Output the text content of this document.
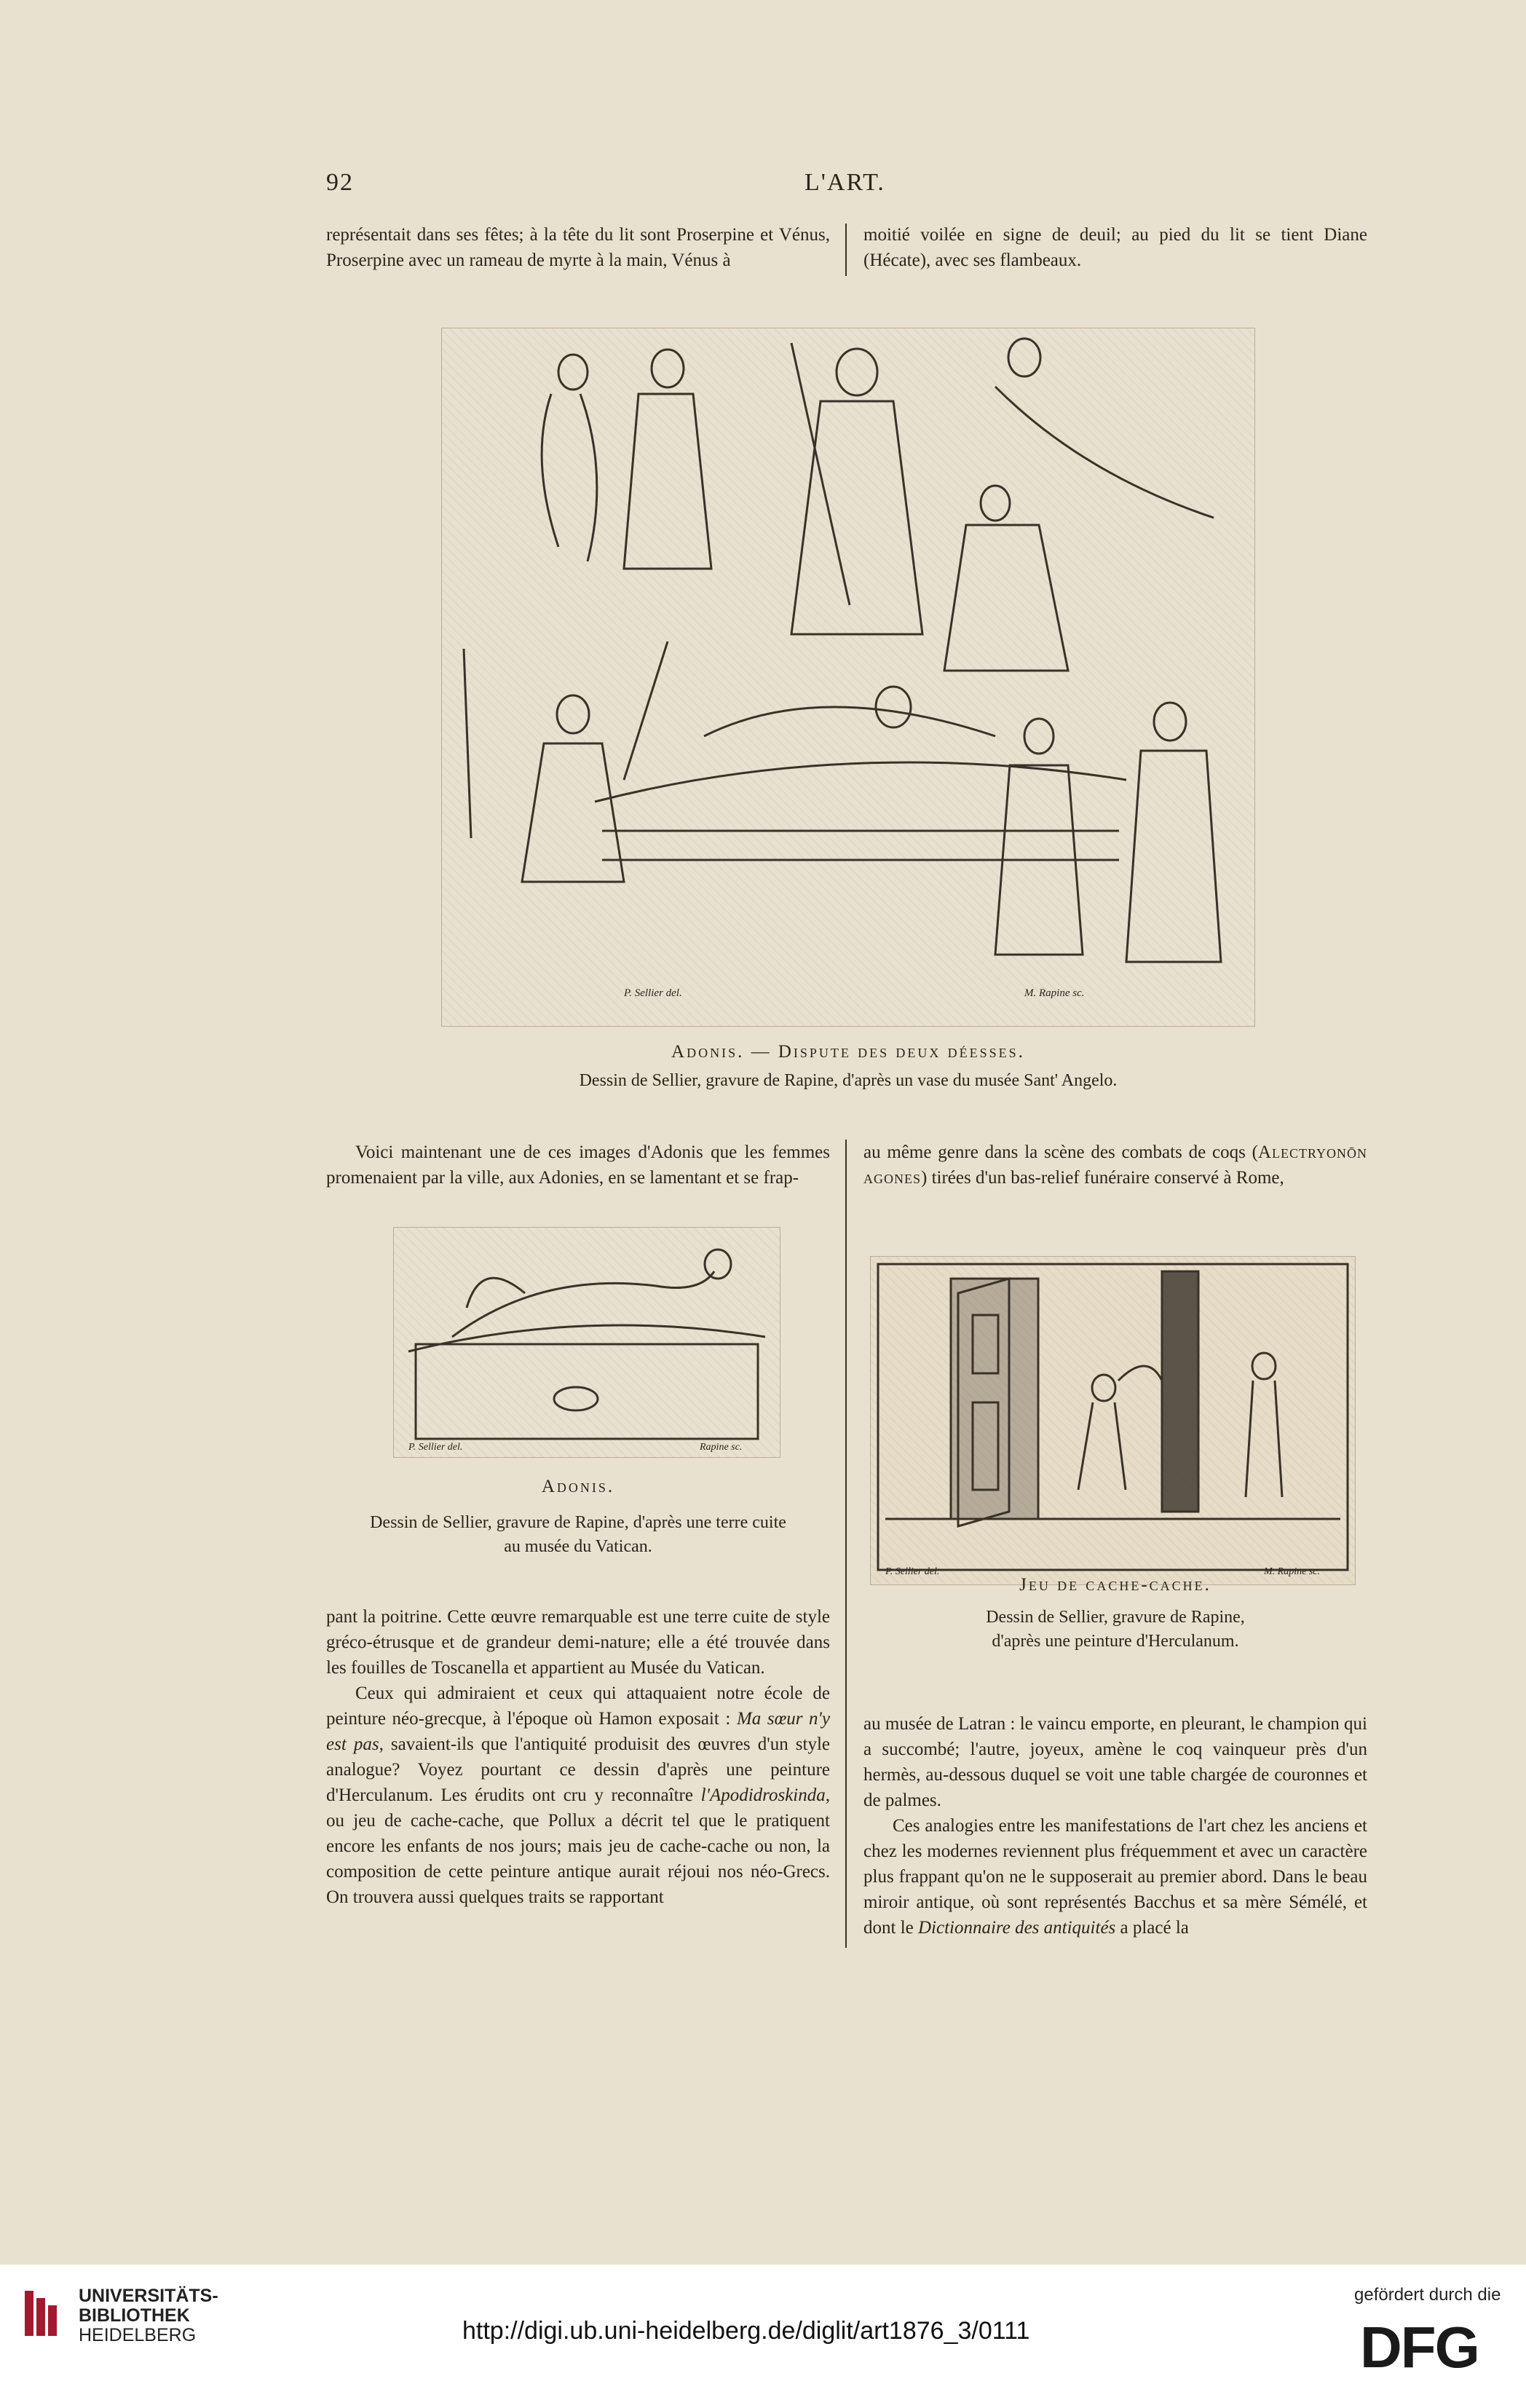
92	L'ART.

représentait dans ses fêtes; à la tête du lit sont Proserpine et Vénus, Proserpine avec un rameau de myrte à la main, Vénus à

moitié voilée en signe de deuil; au pied du lit se tient Diane (Hécate), avec ses flambeaux.

P. Sellier del.	M. Rapine sc.
Adonis. — Dispute des deux déesses.
Dessin de Sellier, gravure de Rapine, d'après un vase du musée Sant' Angelo.

Voici maintenant une de ces images d'Adonis que les femmes promenaient par la ville, aux Adonies, en se lamentant et se frap-

au même genre dans la scène des combats de coqs (Alectryonōn agones) tirées d'un bas-relief funéraire conservé à Rome,

P. Sellier del.	Rapine sc.
Adonis.
Dessin de Sellier, gravure de Rapine, d'après une terre cuite
au musée du Vatican.
P. Sellier del.	M. Rapine sc.
Jeu de cache-cache.
Dessin de Sellier, gravure de Rapine,
d'après une peinture d'Herculanum.

pant la poitrine. Cette œuvre remarquable est une terre cuite de style gréco-étrusque et de grandeur demi-nature; elle a été trouvée dans les fouilles de Toscanella et appartient au Musée du Vatican.

Ceux qui admiraient et ceux qui attaquaient notre école de peinture néo-grecque, à l'époque où Hamon exposait : Ma sœur n'y est pas, savaient-ils que l'antiquité produisit des œuvres d'un style analogue? Voyez pourtant ce dessin d'après une peinture d'Herculanum. Les érudits ont cru y reconnaître l'Apodidroskinda, ou jeu de cache-cache, que Pollux a décrit tel que le pratiquent encore les enfants de nos jours; mais jeu de cache-cache ou non, la composition de cette peinture antique aurait réjoui nos néo-Grecs. On trouvera aussi quelques traits se rapportant

au musée de Latran : le vaincu emporte, en pleurant, le champion qui a succombé; l'autre, joyeux, amène le coq vainqueur près d'un hermès, au-dessous duquel se voit une table chargée de couronnes et de palmes.

Ces analogies entre les manifestations de l'art chez les anciens et chez les modernes reviennent plus fréquemment et avec un caractère plus frappant qu'on ne le supposerait au premier abord. Dans le beau miroir antique, où sont représentés Bacchus et sa mère Sémélé, et dont le Dictionnaire des antiquités a placé la

UNIVERSITÄTS-
BIBLIOTHEK
HEIDELBERG	http://digi.ub.uni-heidelberg.de/diglit/art1876_3/0111
gefördert durch die
DFG
